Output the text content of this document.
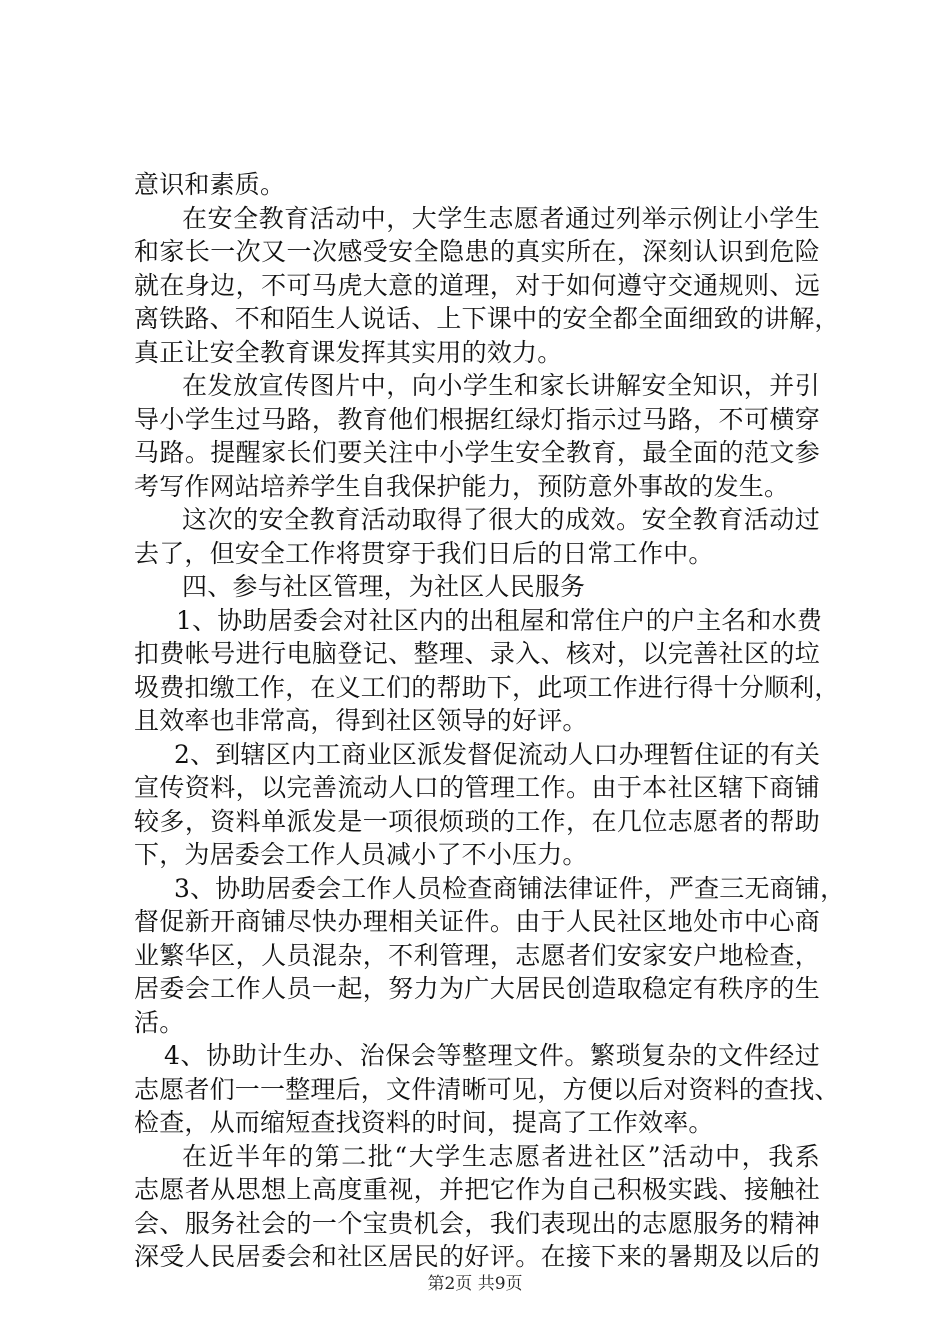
意识和素质。
在安全教育活动中，大学生志愿者通过列举示例让小学生
和家长一次又一次感受安全隐患的真实所在，深刻认识到危险
就在身边，不可马虎大意的道理，对于如何遵守交通规则、远
离铁路、不和陌生人说话、上下课中的安全都全面细致的讲解，
真正让安全教育课发挥其实用的效力。
在发放宣传图片中，向小学生和家长讲解安全知识，并引
导小学生过马路，教育他们根据红绿灯指示过马路，不可横穿
马路。提醒家长们要关注中小学生安全教育，最全面的范文参
考写作网站培养学生自我保护能力，预防意外事故的发生。
这次的安全教育活动取得了很大的成效。安全教育活动过
去了，但安全工作将贯穿于我们日后的日常工作中。
四、参与社区管理，为社区人民服务
1、协助居委会对社区内的出租屋和常住户的户主名和水费
扣费帐号进行电脑登记、整理、录入、核对，以完善社区的垃
圾费扣缴工作，在义工们的帮助下，此项工作进行得十分顺利，
且效率也非常高，得到社区领导的好评。
2、到辖区内工商业区派发督促流动人口办理暂住证的有关
宣传资料，以完善流动人口的管理工作。由于本社区辖下商铺
较多，资料单派发是一项很烦琐的工作，在几位志愿者的帮助
下，为居委会工作人员减小了不小压力。
3、协助居委会工作人员检查商铺法律证件，严查三无商铺，
督促新开商铺尽快办理相关证件。由于人民社区地处市中心商
业繁华区，人员混杂，不利管理，志愿者们安家安户地检查，
居委会工作人员一起，努力为广大居民创造取稳定有秩序的生
活。
4、协助计生办、治保会等整理文件。繁琐复杂的文件经过
志愿者们一一整理后，文件清晰可见，方便以后对资料的查找、
检查，从而缩短查找资料的时间，提高了工作效率。
在近半年的第二批“大学生志愿者进社区”活动中，我系
志愿者从思想上高度重视，并把它作为自己积极实践、接触社
会、服务社会的一个宝贵机会，我们表现出的志愿服务的精神
深受人民居委会和社区居民的好评。在接下来的暑期及以后的
第2页 共9页
